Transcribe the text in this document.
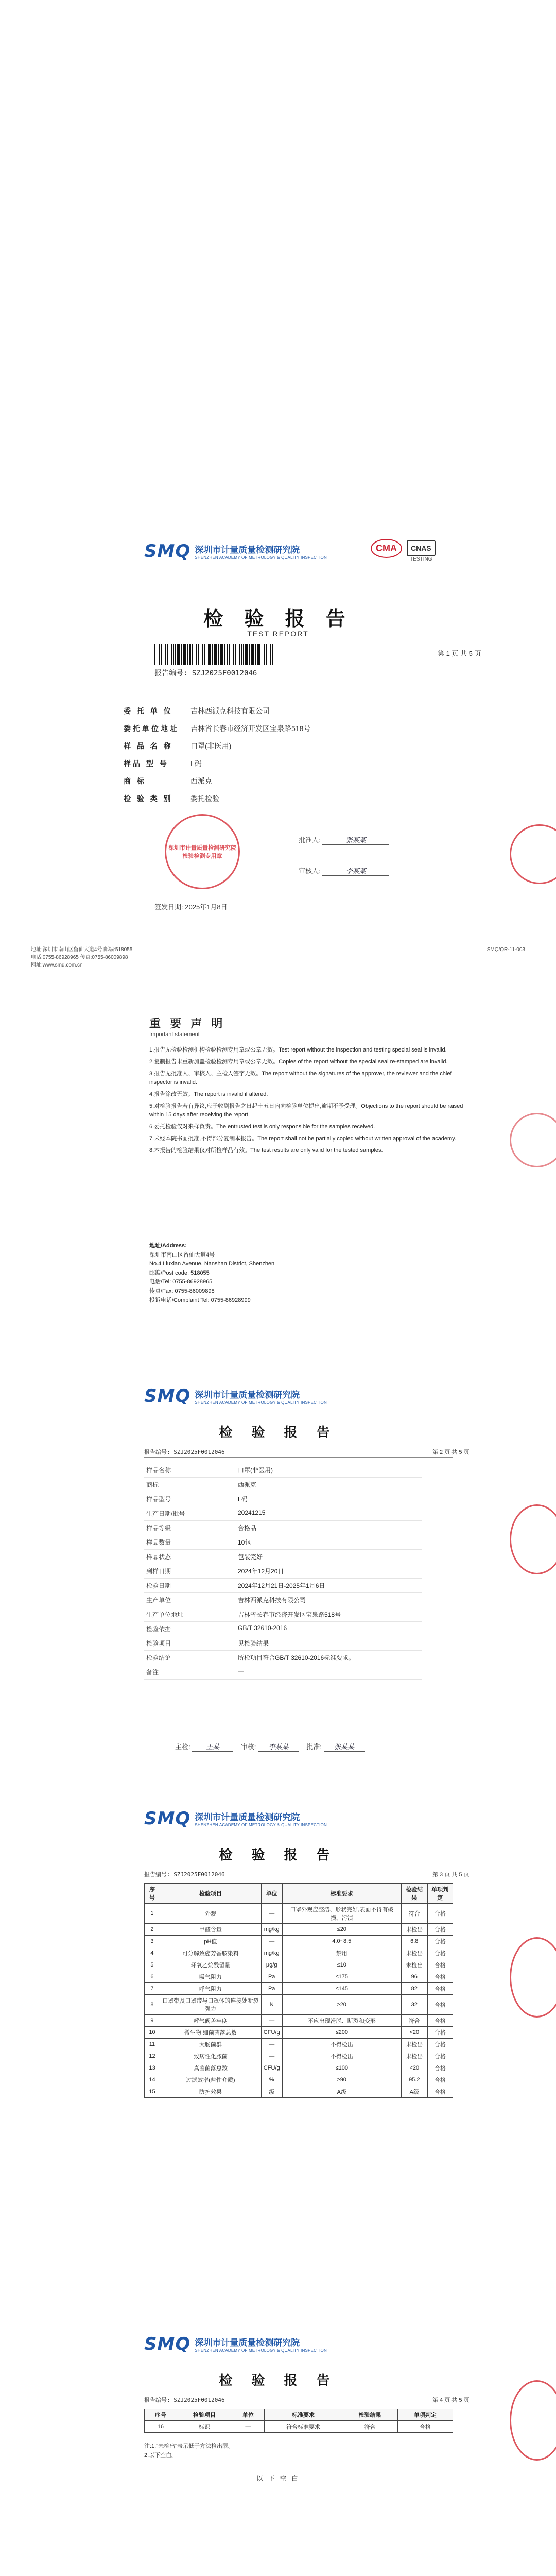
SMQ 深圳市计量质量检测研究院
SHENZHEN ACADEMY OF METROLOGY & QUALITY INSPECTION
CMA	CNAS
TESTING
检 验 报 告
TEST REPORT
第 1 页 共 5 页
报告编号: SZJ2025F0012046
委 托 单 位	吉林西派克科技有限公司
委托单位地址	吉林省长春市经济开发区宝泉路518号
样 品 名 称	口罩(非医用)
样品 型 号	L码
商 标	西派克
检 验 类 别	委托检验
深圳市计量质量检测研究院 检验检测专用章
批准人:	张某某
审核人:	李某某
签发日期: 2025年1月8日
地址:深圳市南山区留仙大道4号 邮编:518055
电话:0755-86928965 传真:0755-86009898
网址:www.smq.com.cn
SMQ/QR-11-003
重 要 声 明
Important statement

1.报告无检验检测机构检验检测专用章或公章无效。Test report without the inspection and testing special seal is invalid.

2.复制报告未重新加盖检验检测专用章或公章无效。Copies of the report without the special seal re-stamped are invalid.

3.报告无批准人、审核人、主检人签字无效。The report without the signatures of the approver, the reviewer and the chief inspector is invalid.

4.报告涂改无效。The report is invalid if altered.

5.对检验报告若有异议,应于收到报告之日起十五日内向检验单位提出,逾期不予受理。Objections to the report should be raised within 15 days after receiving the report.

6.委托检验仅对来样负责。The entrusted test is only responsible for the samples received.

7.未经本院书面批准,不得部分复制本报告。The report shall not be partially copied without written approval of the academy.

8.本报告的检验结果仅对所检样品有效。The test results are only valid for the tested samples.

地址/Address:
深圳市南山区留仙大道4号
No.4 Liuxian Avenue, Nanshan District, Shenzhen
邮编/Post code: 518055
电话/Tel: 0755-86928965
传真/Fax: 0755-86009898
投诉电话/Complaint Tel: 0755-86928999
SMQ 深圳市计量质量检测研究院
SHENZHEN ACADEMY OF METROLOGY & QUALITY INSPECTION
检 验 报 告
报告编号: SZJ2025F0012046	第 2 页 共 5 页
样品名称	口罩(非医用)
商标	西派克
样品型号	L码
生产日期/批号	20241215
样品等级	合格品
样品数量	10包
样品状态	包装完好
到样日期	2024年12月20日
检验日期	2024年12月21日-2025年1月6日
生产单位	吉林西派克科技有限公司
生产单位地址	吉林省长春市经济开发区宝泉路518号
检验依据	GB/T 32610-2016
检验项目	见检验结果
检验结论	所检项目符合GB/T 32610-2016标准要求。
备注	—
主检: 王某	审核: 李某某	批准: 张某某
SMQ 深圳市计量质量检测研究院
SHENZHEN ACADEMY OF METROLOGY & QUALITY INSPECTION
检 验 报 告
报告编号: SZJ2025F0012046	第 3 页 共 5 页
序号	检验项目	单位	标准要求	检验结果	单项判定
1	外观	—	口罩外观应整洁、形状完好,表面不得有破损、污渍	符合	合格
2	甲醛含量	mg/kg	≤20	未检出	合格
3	pH值	—	4.0~8.5	6.8	合格
4	可分解致癌芳香胺染料	mg/kg	禁用	未检出	合格
5	环氧乙烷残留量	μg/g	≤10	未检出	合格
6	吸气阻力	Pa	≤175	96	合格
7	呼气阻力	Pa	≤145	82	合格
8	口罩带及口罩带与口罩体的连接处断裂强力	N	≥20	32	合格
9	呼气阀盖牢度	—	不应出现滑脱、断裂和变形	符合	合格
10	微生物 细菌菌落总数	CFU/g	≤200	<20	合格
11	大肠菌群	—	不得检出	未检出	合格
12	致病性化脓菌	—	不得检出	未检出	合格
13	真菌菌落总数	CFU/g	≤100	<20	合格
14	过滤效率(盐性介质)	%	≥90	95.2	合格
15	防护效果	级	A级	A级	合格
SMQ 深圳市计量质量检测研究院
SHENZHEN ACADEMY OF METROLOGY & QUALITY INSPECTION
检 验 报 告
报告编号: SZJ2025F0012046	第 4 页 共 5 页
序号	检验项目	单位	标准要求	检验结果	单项判定
16	标识	—	符合标准要求	符合	合格
注:1."未检出"表示低于方法检出限。
2.以下空白。
—— 以 下 空 白 ——
